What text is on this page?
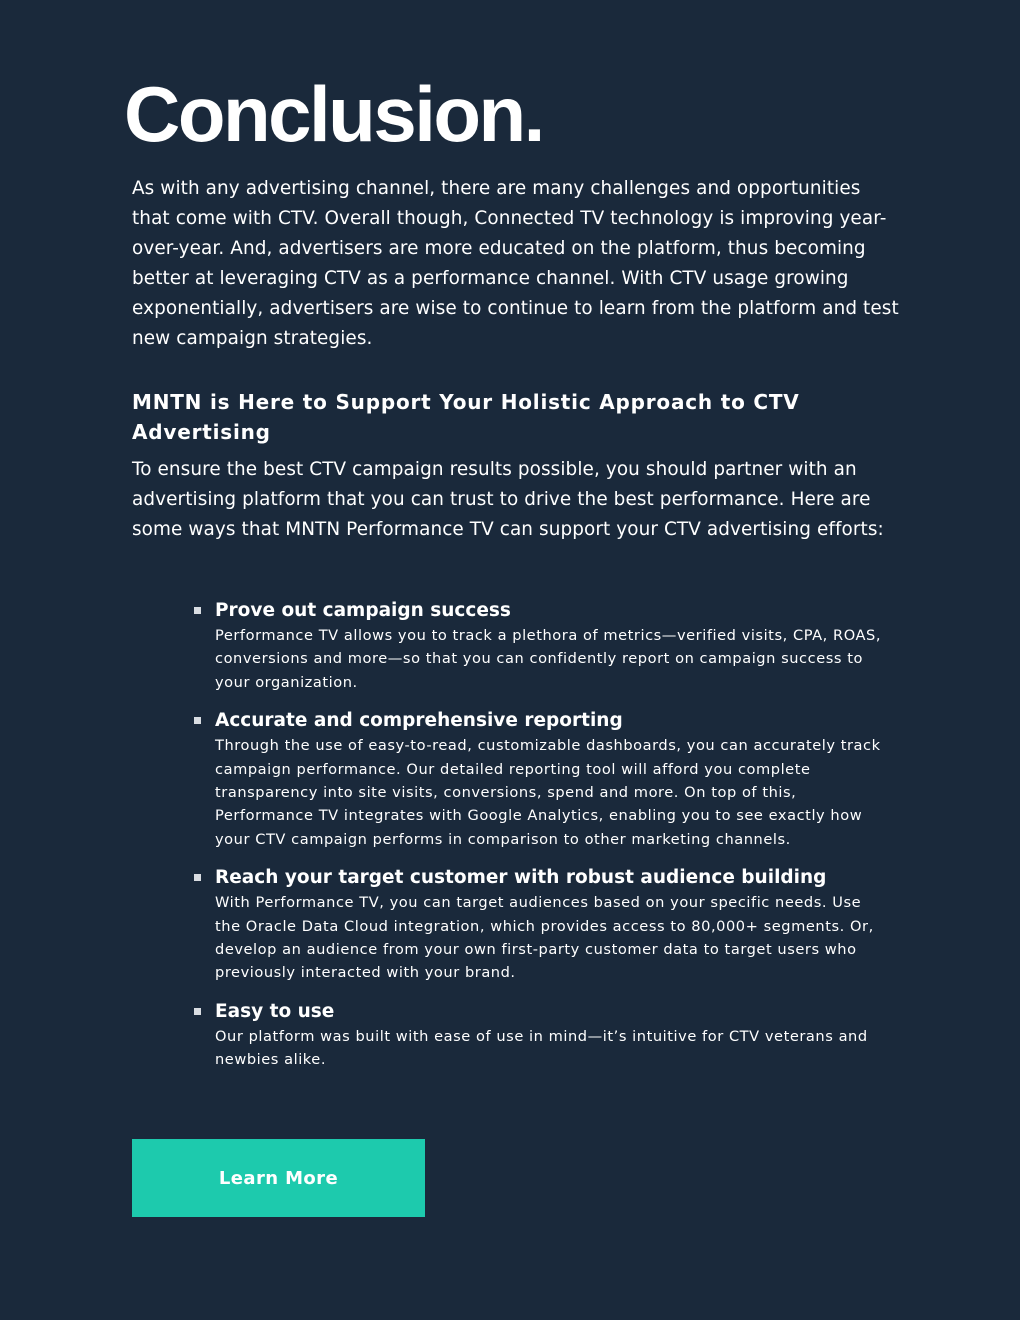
Conclusion.

As with any advertising channel, there are many challenges and opportunities that come with CTV. Overall though, Connected TV technology is improving year-over-year. And, advertisers are more educated on the platform, thus becoming better at leveraging CTV as a performance channel. With CTV usage growing exponentially, advertisers are wise to continue to learn from the platform and test new campaign strategies.

MNTN is Here to Support Your Holistic Approach to CTV Advertising

To ensure the best CTV campaign results possible, you should partner with an advertising platform that you can trust to drive the best performance. Here are some ways that MNTN Performance TV can support your CTV advertising efforts:

Prove out campaign success
Performance TV allows you to track a plethora of metrics—verified visits, CPA, ROAS, conversions and more—so that you can confidently report on campaign success to your organization.
Accurate and comprehensive reporting
Through the use of easy-to-read, customizable dashboards, you can accurately track campaign performance. Our detailed reporting tool will afford you complete transparency into site visits, conversions, spend and more. On top of this, Performance TV integrates with Google Analytics, enabling you to see exactly how your CTV campaign performs in comparison to other marketing channels.
Reach your target customer with robust audience building
With Performance TV, you can target audiences based on your specific needs. Use the Oracle Data Cloud integration, which provides access to 80,000+ segments. Or, develop an audience from your own first-party customer data to target users who previously interacted with your brand.
Easy to use
Our platform was built with ease of use in mind—it’s intuitive for CTV veterans and newbies alike.
Learn More
